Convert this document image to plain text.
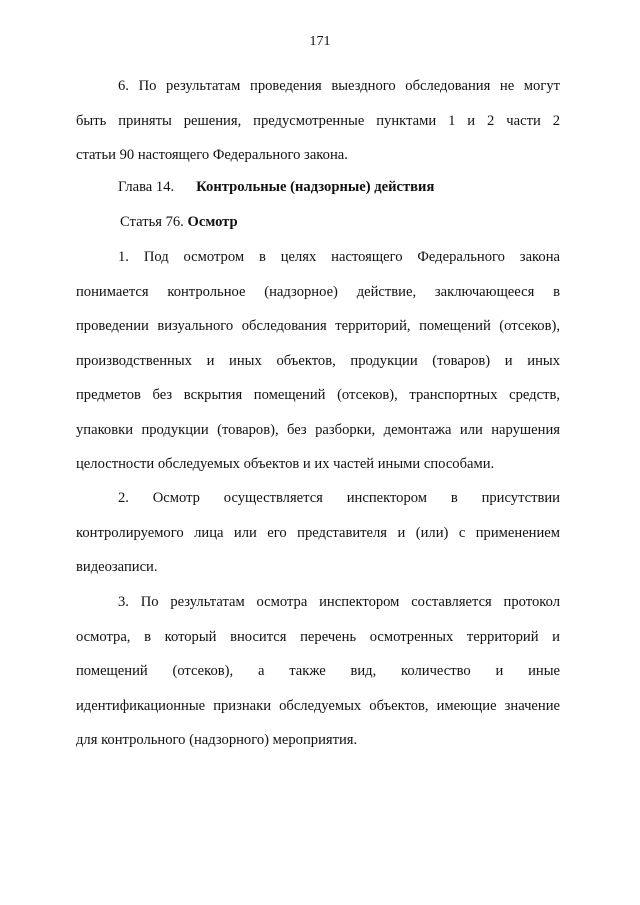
171
6. По результатам проведения выездного обследования не могут
быть приняты решения, предусмотренные пунктами 1 и 2 части 2
статьи 90 настоящего Федерального закона.
Глава 14. Контрольные (надзорные) действия
Статья 76. Осмотр
1. Под осмотром в целях настоящего Федерального закона
понимается контрольное (надзорное) действие, заключающееся в
проведении визуального обследования территорий, помещений (отсеков),
производственных и иных объектов, продукции (товаров) и иных
предметов без вскрытия помещений (отсеков), транспортных средств,
упаковки продукции (товаров), без разборки, демонтажа или нарушения
целостности обследуемых объектов и их частей иными способами.
2. Осмотр осуществляется инспектором в присутствии
контролируемого лица или его представителя и (или) с применением
видеозаписи.
3. По результатам осмотра инспектором составляется протокол
осмотра, в который вносится перечень осмотренных территорий и
помещений (отсеков), а также вид, количество и иные
идентификационные признаки обследуемых объектов, имеющие значение
для контрольного (надзорного) мероприятия.
